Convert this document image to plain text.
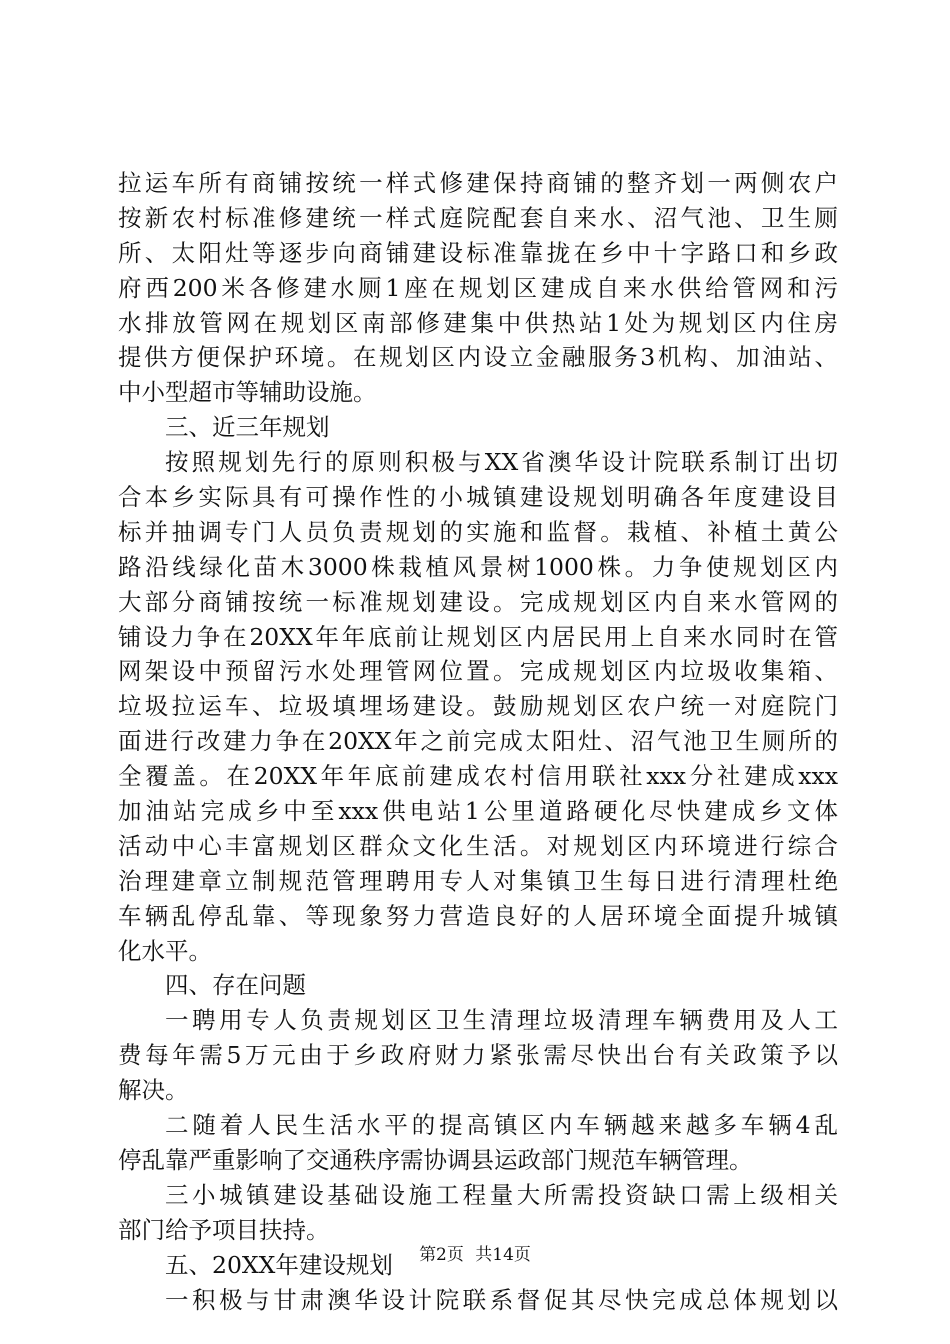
拉运车所有商铺按统一样式修建保持商铺的整齐划一两侧农户
按新农村标准修建统一样式庭院配套自来水、沼气池、卫生厕
所、太阳灶等逐步向商铺建设标准靠拢在乡中十字路口和乡政
府西200米各修建水厕1座在规划区建成自来水供给管网和污
水排放管网在规划区南部修建集中供热站1处为规划区内住房
提供方便保护环境。在规划区内设立金融服务3机构、加油站、
中小型超市等辅助设施。
三、近三年规划
按照规划先行的原则积极与XX省澳华设计院联系制订出切
合本乡实际具有可操作性的小城镇建设规划明确各年度建设目
标并抽调专门人员负责规划的实施和监督。栽植、补植土黄公
路沿线绿化苗木3000株栽植风景树1000株。力争使规划区内
大部分商铺按统一标准规划建设。完成规划区内自来水管网的
铺设力争在20XX年年底前让规划区内居民用上自来水同时在管
网架设中预留污水处理管网位置。完成规划区内垃圾收集箱、
垃圾拉运车、垃圾填埋场建设。鼓励规划区农户统一对庭院门
面进行改建力争在20XX年之前完成太阳灶、沼气池卫生厕所的
全覆盖。在20XX年年底前建成农村信用联社xxx分社建成xxx
加油站完成乡中至xxx供电站1公里道路硬化尽快建成乡文体
活动中心丰富规划区群众文化生活。对规划区内环境进行综合
治理建章立制规范管理聘用专人对集镇卫生每日进行清理杜绝
车辆乱停乱靠、等现象努力营造良好的人居环境全面提升城镇
化水平。
四、存在问题
一聘用专人负责规划区卫生清理垃圾清理车辆费用及人工
费每年需5万元由于乡政府财力紧张需尽快出台有关政策予以
解决。
二随着人民生活水平的提高镇区内车辆越来越多车辆4乱
停乱靠严重影响了交通秩序需协调县运政部门规范车辆管理。
三小城镇建设基础设施工程量大所需投资缺口需上级相关
部门给予项目扶持。
五、20XX年建设规划
一积极与甘肃澳华设计院联系督促其尽快完成总体规划以
第2页 共14页
